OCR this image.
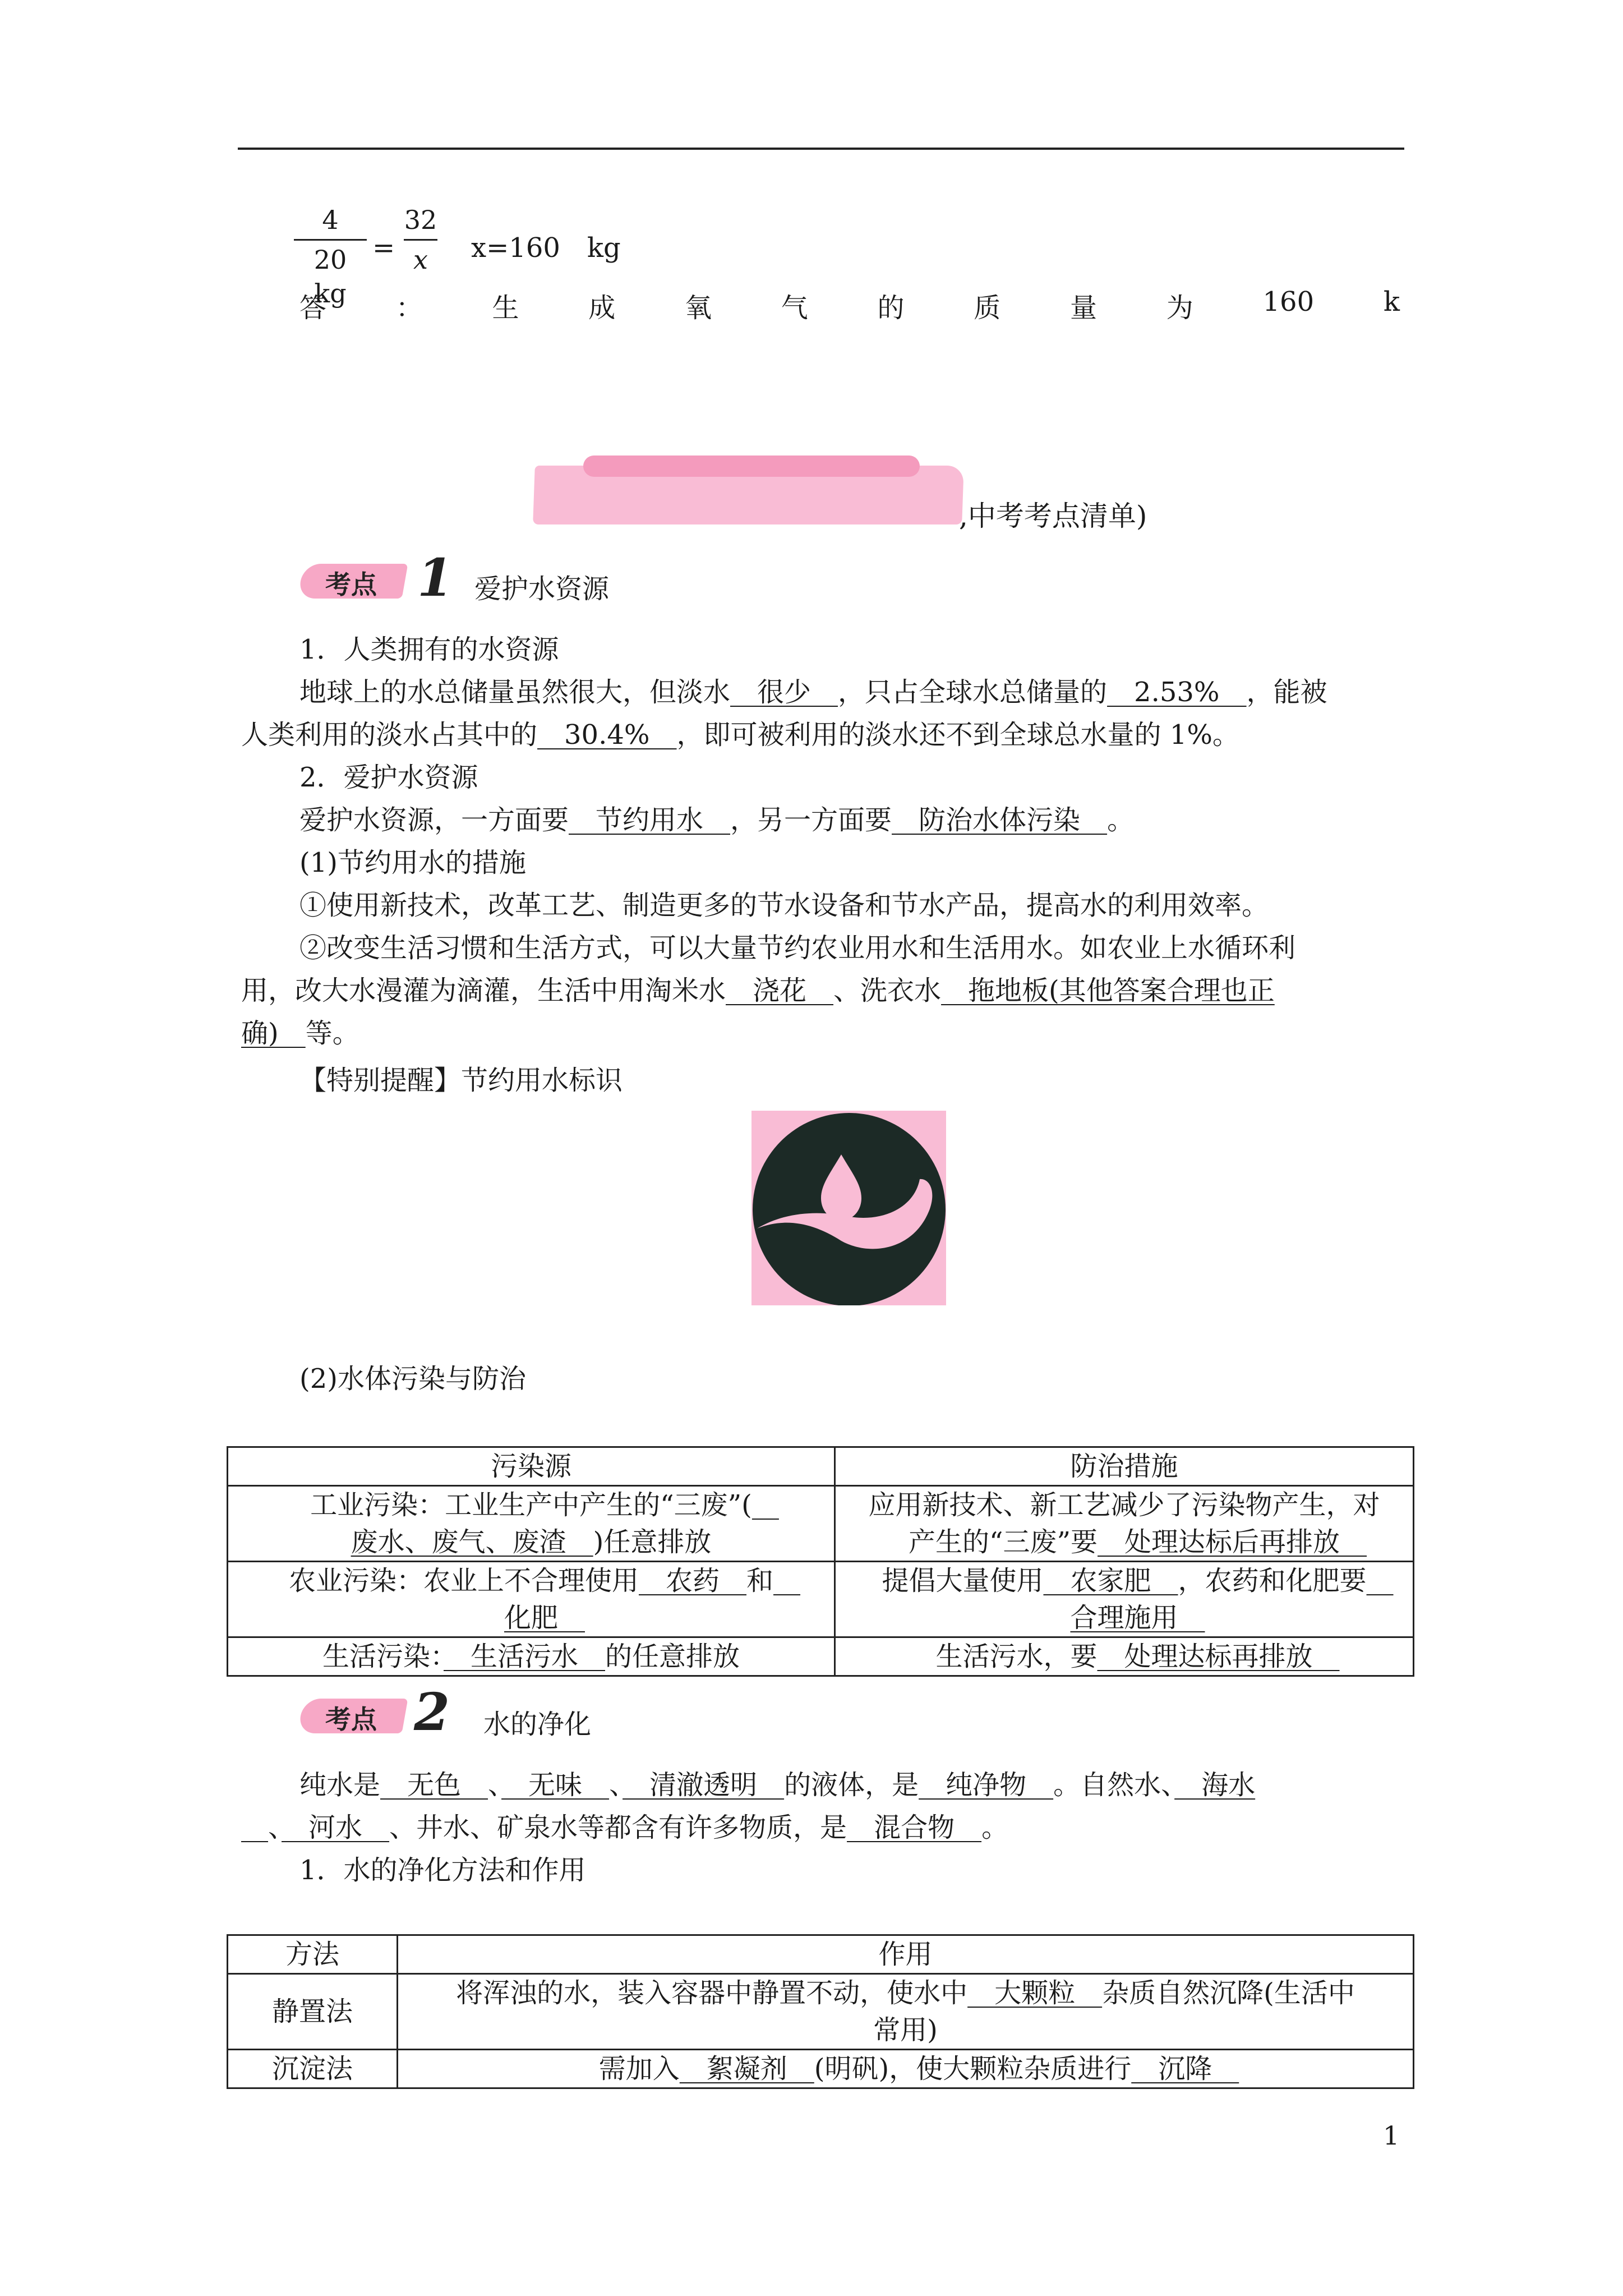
4
20　kg
=
32
x	x=160　kg
答	：	生	成	氧	气	的	质	量	为	160	k
,中考考点清单)
考点 1 爱护水资源
1．人类拥有的水资源
地球上的水总储量虽然很大，但淡水　很少　，只占全球水总储量的　2.53%　，能被
人类利用的淡水占其中的　30.4%　，即可被利用的淡水还不到全球总水量的 1%。
2．爱护水资源
爱护水资源，一方面要　节约用水　，另一方面要　防治水体污染　。
(1)节约用水的措施
①使用新技术，改革工艺、制造更多的节水设备和节水产品，提高水的利用效率。
②改变生活习惯和生活方式，可以大量节约农业用水和生活用水。如农业上水循环利
用，改大水漫灌为滴灌，生活中用淘米水　浇花　、洗衣水　拖地板(其他答案合理也正
确)　等。
【特别提醒】节约用水标识
(2)水体污染与防治
污染源	防治措施
工业污染：工业生产中产生的“三废”(　
废水、废气、废渣　)任意排放	应用新技术、新工艺减少了污染物产生，对
产生的“三废”要　处理达标后再排放　
农业污染：农业上不合理使用　农药　和　
化肥　	提倡大量使用　农家肥　，农药和化肥要　
合理施用　
生活污染：　生活污水　的任意排放	生活污水，要　处理达标再排放　
考点 2 水的净化
纯水是　无色　、　无味　、　清澈透明　的液体，是　纯净物　。自然水、　海水
　、　河水　、井水、矿泉水等都含有许多物质，是　混合物　。
1．水的净化方法和作用
方法	作用
静置法	将浑浊的水，装入容器中静置不动，使水中　大颗粒　杂质自然沉降(生活中
常用)
沉淀法	需加入　絮凝剂　(明矾)，使大颗粒杂质进行　沉降　
1
